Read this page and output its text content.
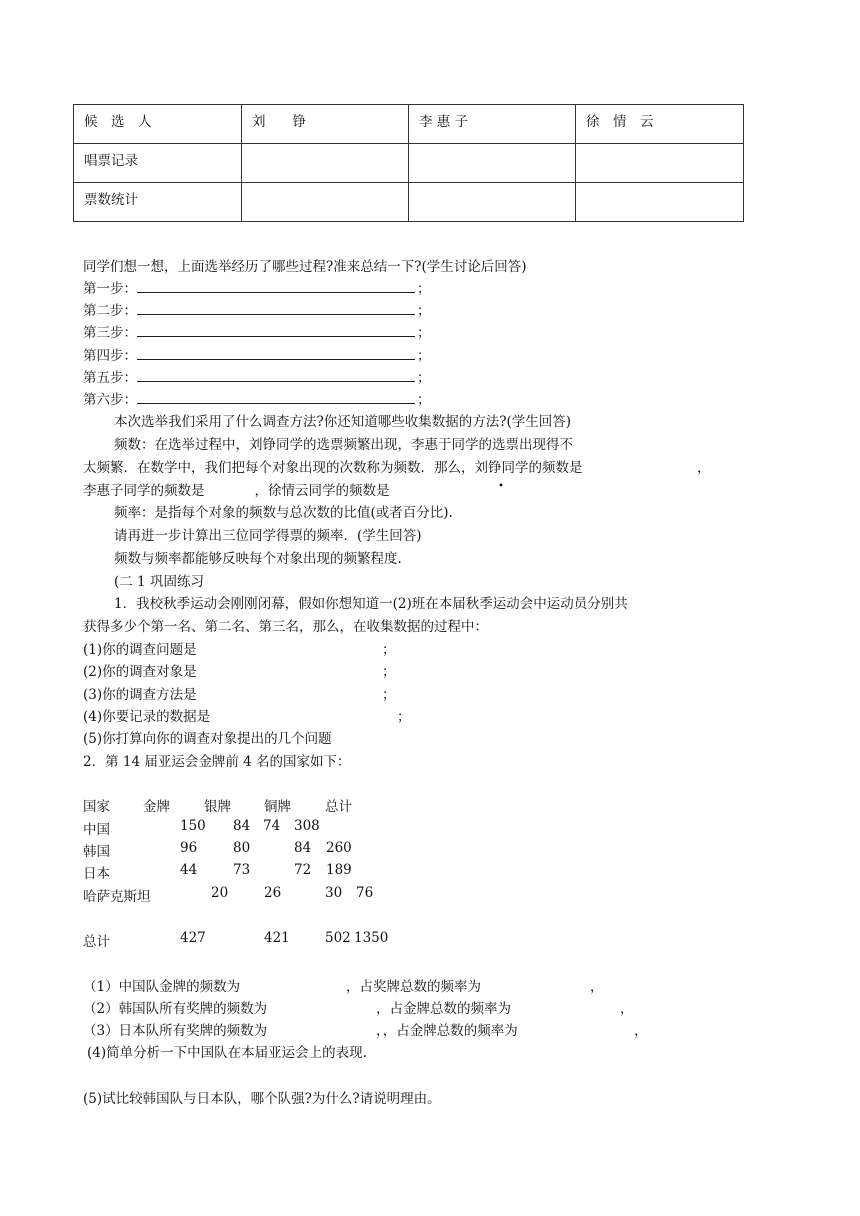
候　选　人	刘　　铮	李 惠 子	徐　情　云
唱票记录			
票数统计			
同学们想一想，上面选举经历了哪些过程?准来总结一下?(学生讨论后回答)
第一步：	；
第二步：	；
第三步：	；
第四步：	；
第五步：	；
第六步：	；
本次选举我们采用了什么调查方法?你还知道哪些收集数据的方法?(学生回答)
频数：在选举过程中，刘铮同学的选票频繁出现，李惠于同学的选票出现得不
太频繁．在数学中，我们把每个对象出现的次数称为频数．那么，刘铮同学的频数是	，
李惠子同学的频数是	，徐情云同学的频数是	•
频率：是指每个对象的频数与总次数的比值(或者百分比).
请再进一步计算出三位同学得票的频率．(学生回答)
频数与频率都能够反映每个对象出现的频繁程度.
(二 1 巩固练习
1．我校秋季运动会刚刚闭幕，假如你想知道一(2)班在本届秋季运动会中运动员分别共
获得多少个第一名、第二名、第三名，那么，在收集数据的过程中：
(1)你的调查问题是	；
(2)你的调查对象是	；
(3)你的调查方法是	；
(4)你要记录的数据是	；
(5)你打算向你的调查对象提出的几个问题
2．第 14 届亚运会金牌前 4 名的国家如下：
国家 金牌	银牌 铜牌	总计
中国	150 84 74 308
韩国	96	80	84 260
日本	44	73	72 189
哈萨克斯坦	20	26	30 76
总计	427	421	502 1350
（1）中国队金牌的频数为	，占奖牌总数的频率为	，
（2）韩国队所有奖牌的频数为	，占金牌总数的频率为	，
（3）日本队所有奖牌的频数为	，，占金牌总数的频率为	，
(4)简单分析一下中国队在本届亚运会上的表现.
(5)试比较韩国队与日本队，哪个队强?为什么?请说明理由。
